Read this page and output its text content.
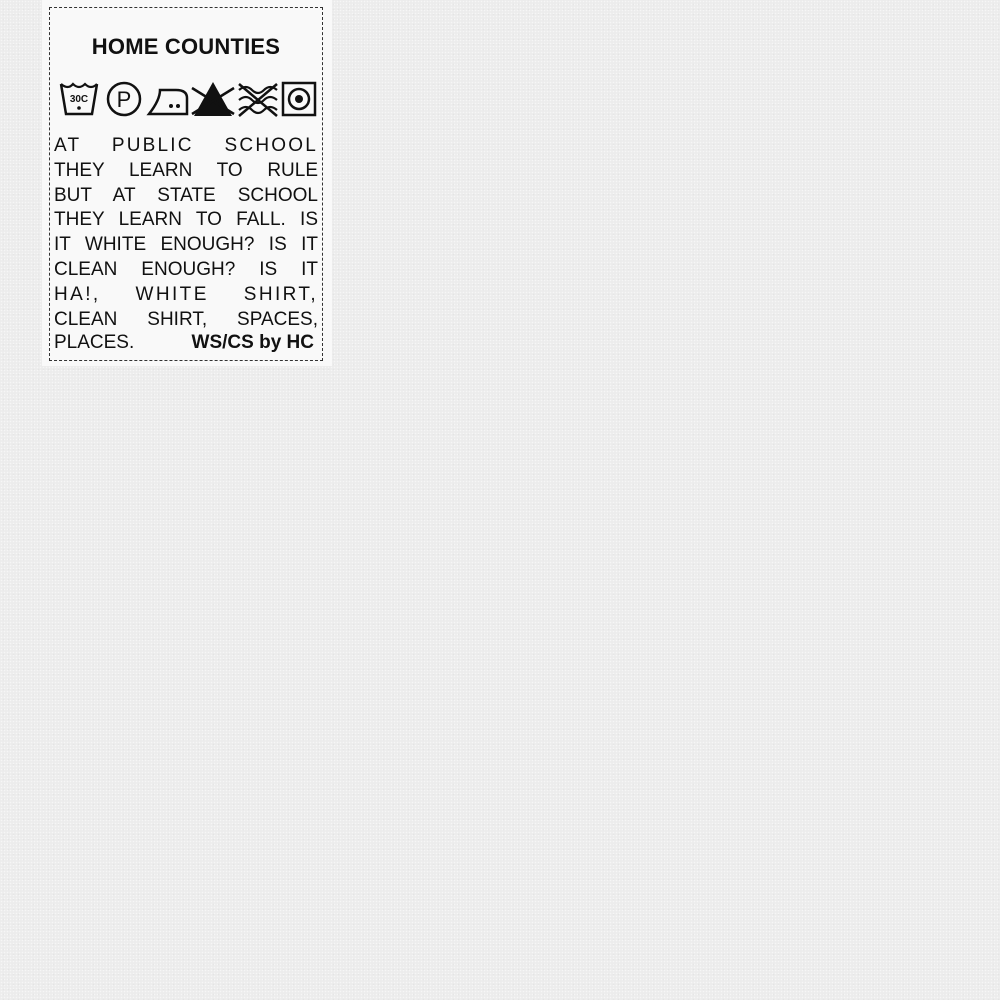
HOME COUNTIES
30C P
AT PUBLIC SCHOOL
THEY LEARN TO RULE
BUT AT STATE SCHOOL
THEY LEARN TO FALL. IS
IT WHITE ENOUGH? IS IT
CLEAN ENOUGH? IS IT
HA!, WHITE SHIRT,
CLEAN SHIRT, SPACES,
PLACES.	WS/CS by HC
